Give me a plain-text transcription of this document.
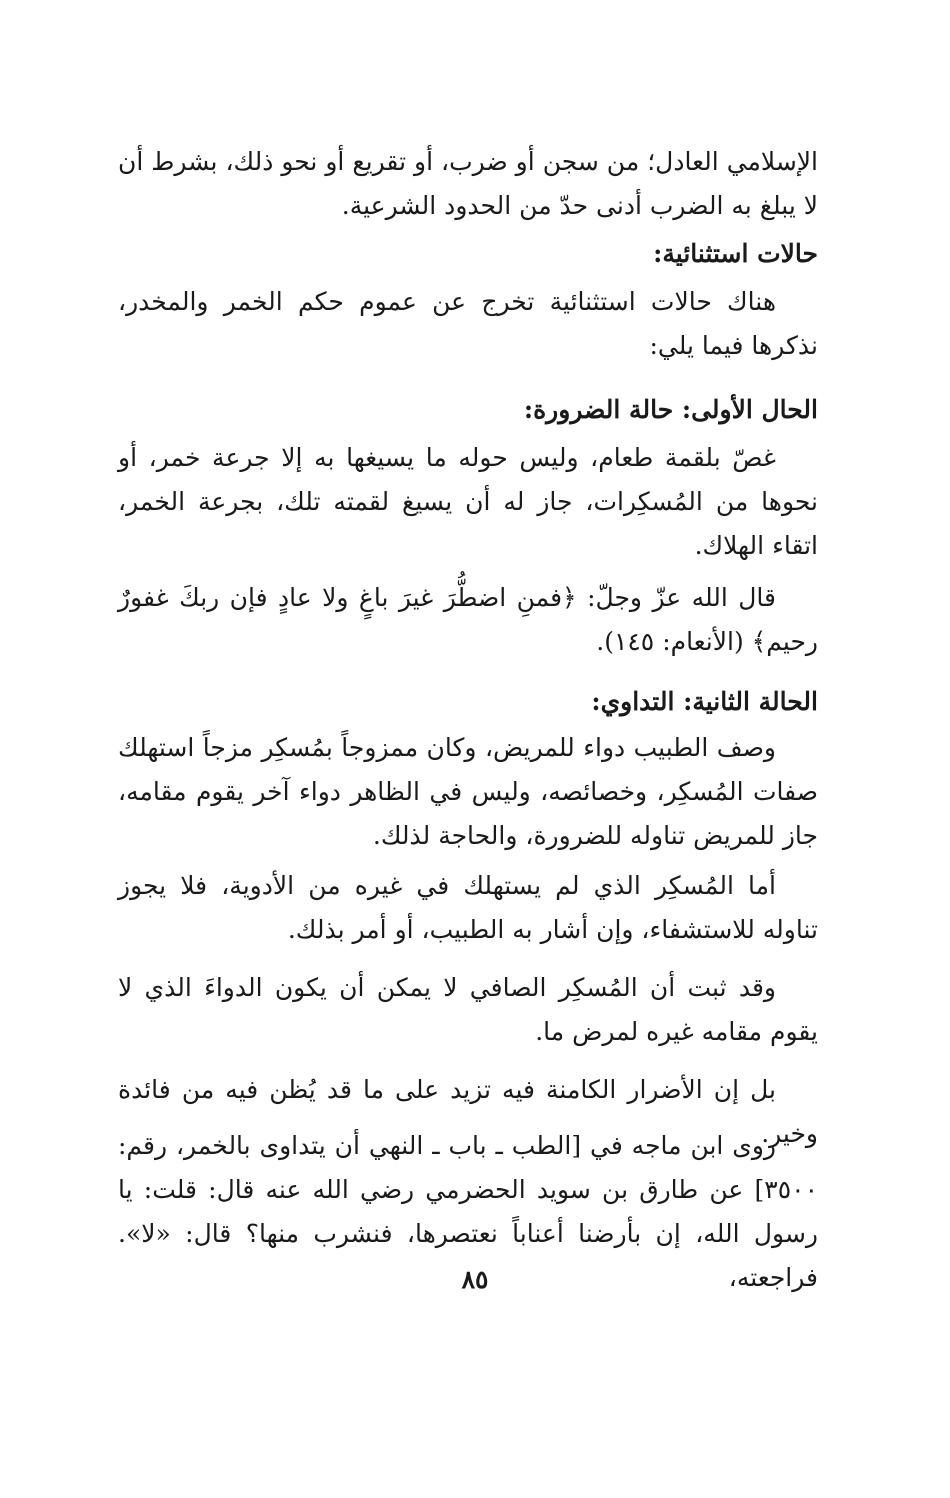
الإسلامي العادل؛ من سجن أو ضرب، أو تقريع أو نحو ذلك، بشرط أن لا يبلغ به الضرب أدنى حدّ من الحدود الشرعية.

حالات استثنائية:

هناك حالات استثنائية تخرج عن عموم حكم الخمر والمخدر، نذكرها فيما يلي:

الحال الأولى: حالة الضرورة:

غصّ بلقمة طعام، وليس حوله ما يسيغها به إلا جرعة خمر، أو نحوها من المُسكِرات، جاز له أن يسيغ لقمته تلك، بجرعة الخمر، اتقاء الهلاك.

قال الله عزّ وجلّ: ﴿فمنِ اضطُّرَ غيرَ باغٍ ولا عادٍ فإن ربكَ غفورٌ رحيم﴾ (الأنعام: ١٤٥).

الحالة الثانية: التداوي:

وصف الطبيب دواء للمريض، وكان ممزوجاً بمُسكِر مزجاً استهلك صفات المُسكِر، وخصائصه، وليس في الظاهر دواء آخر يقوم مقامه، جاز للمريض تناوله للضرورة، والحاجة لذلك.

أما المُسكِر الذي لم يستهلك في غيره من الأدوية، فلا يجوز تناوله للاستشفاء، وإن أشار به الطبيب، أو أمر بذلك.

وقد ثبت أن المُسكِر الصافي لا يمكن أن يكون الدواءَ الذي لا يقوم مقامه غيره لمرض ما.

بل إن الأضرار الكامنة فيه تزيد على ما قد يُظن فيه من فائدة وخير.

روى ابن ماجه في [الطب ـ باب ـ النهي أن يتداوى بالخمر، رقم: ٣٥٠٠] عن طارق بن سويد الحضرمي رضي الله عنه قال: قلت: يا رسول الله، إن بأرضنا أعناباً نعتصرها، فنشرب منها؟ قال: «لا». فراجعته،

٨٥
